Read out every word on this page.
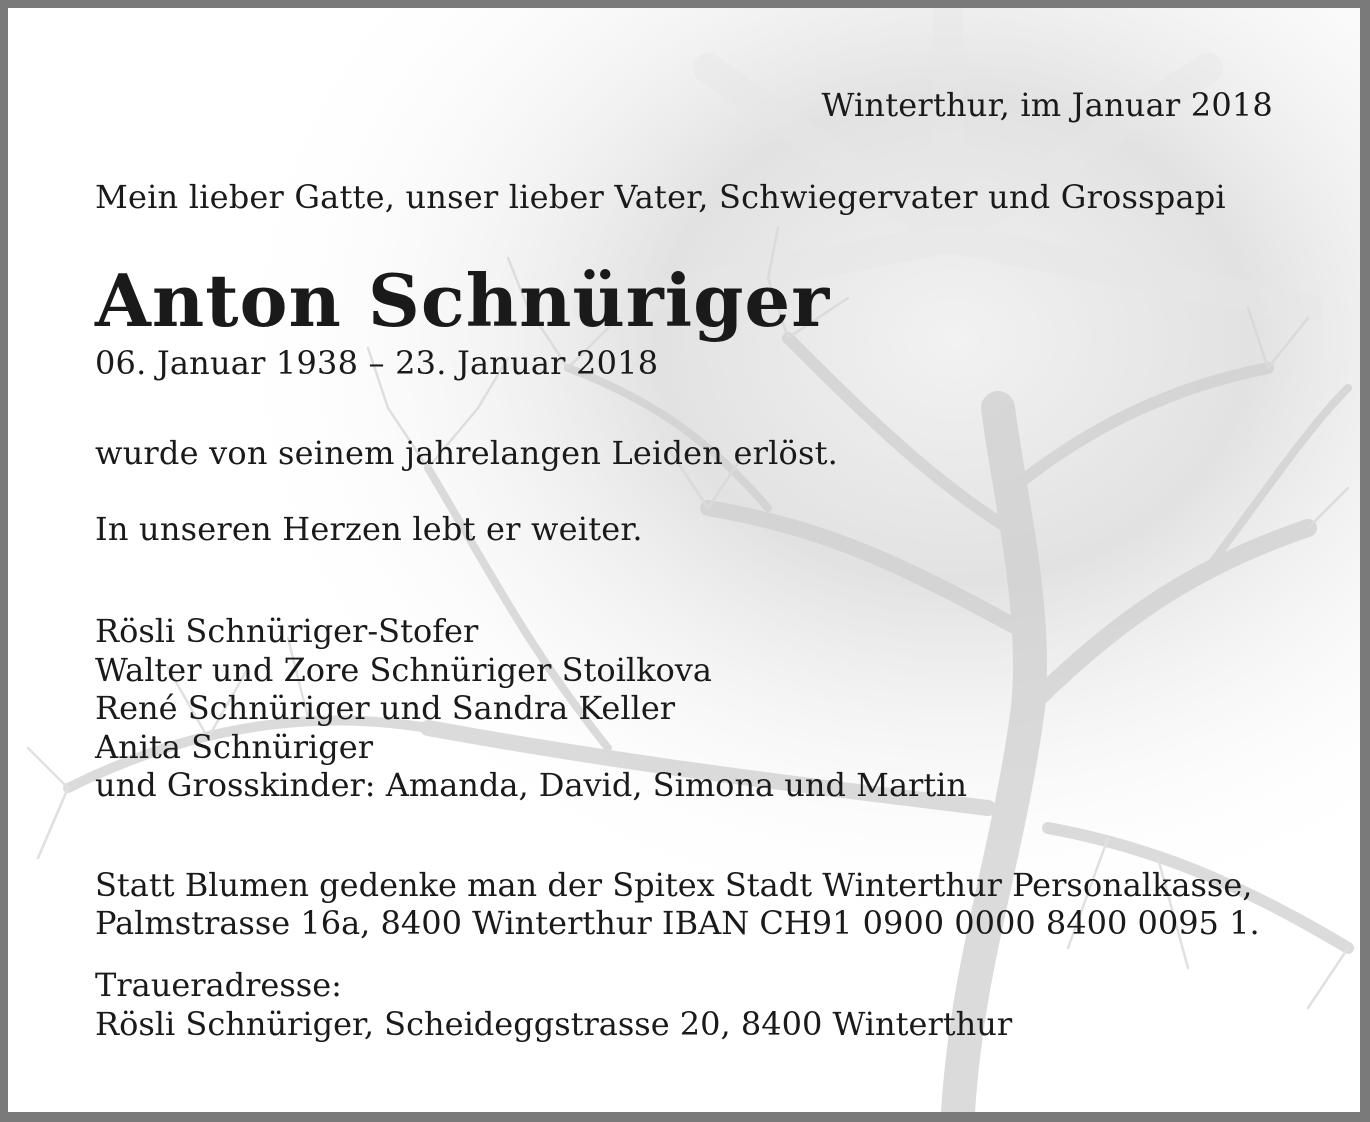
Winterthur, im Januar 2018

Mein lieber Gatte, unser lieber Vater, Schwiegervater und Grosspapi

Anton Schnüriger

06. Januar 1938 – 23. Januar 2018

wurde von seinem jahrelangen Leiden erlöst.

In unseren Herzen lebt er weiter.

Rösli Schnüriger-Stofer
Walter und Zore Schnüriger Stoilkova
René Schnüriger und Sandra Keller
Anita Schnüriger
und Grosskinder: Amanda, David, Simona und Martin
Statt Blumen gedenke man der Spitex Stadt Winterthur Personalkasse,
Palmstrasse 16a, 8400 Winterthur IBAN CH91 0900 0000 8400 0095 1.
Traueradresse:
Rösli Schnüriger, Scheideggstrasse 20, 8400 Winterthur
